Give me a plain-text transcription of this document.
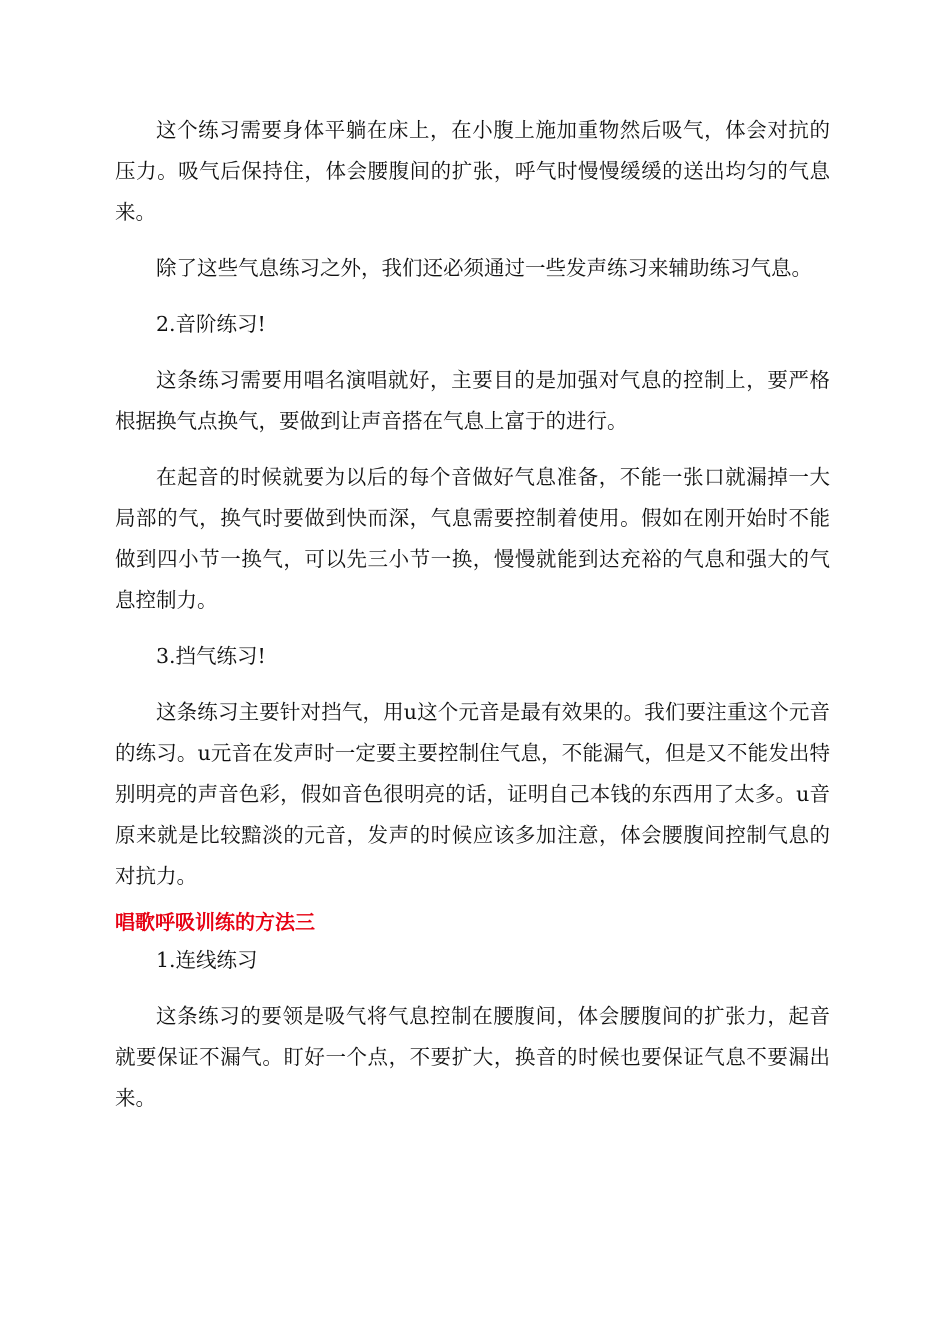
这个练习需要身体平躺在床上，在小腹上施加重物然后吸气，体会对抗的压力。吸气后保持住，体会腰腹间的扩张，呼气时慢慢缓缓的送出均匀的气息来。

除了这些气息练习之外，我们还必须通过一些发声练习来辅助练习气息。

2.音阶练习!

这条练习需要用唱名演唱就好，主要目的是加强对气息的控制上，要严格根据换气点换气，要做到让声音搭在气息上富于的进行。

在起音的时候就要为以后的每个音做好气息准备，不能一张口就漏掉一大局部的气，换气时要做到快而深，气息需要控制着使用。假如在刚开始时不能做到四小节一换气，可以先三小节一换，慢慢就能到达充裕的气息和强大的气息控制力。

3.挡气练习!

这条练习主要针对挡气，用u这个元音是最有效果的。我们要注重这个元音的练习。u元音在发声时一定要主要控制住气息，不能漏气，但是又不能发出特别明亮的声音色彩，假如音色很明亮的话，证明自己本钱的东西用了太多。u音原来就是比较黯淡的元音，发声的时候应该多加注意，体会腰腹间控制气息的对抗力。

唱歌呼吸训练的方法三

1.连线练习

这条练习的要领是吸气将气息控制在腰腹间，体会腰腹间的扩张力，起音就要保证不漏气。盯好一个点，不要扩大，换音的时候也要保证气息不要漏出来。
